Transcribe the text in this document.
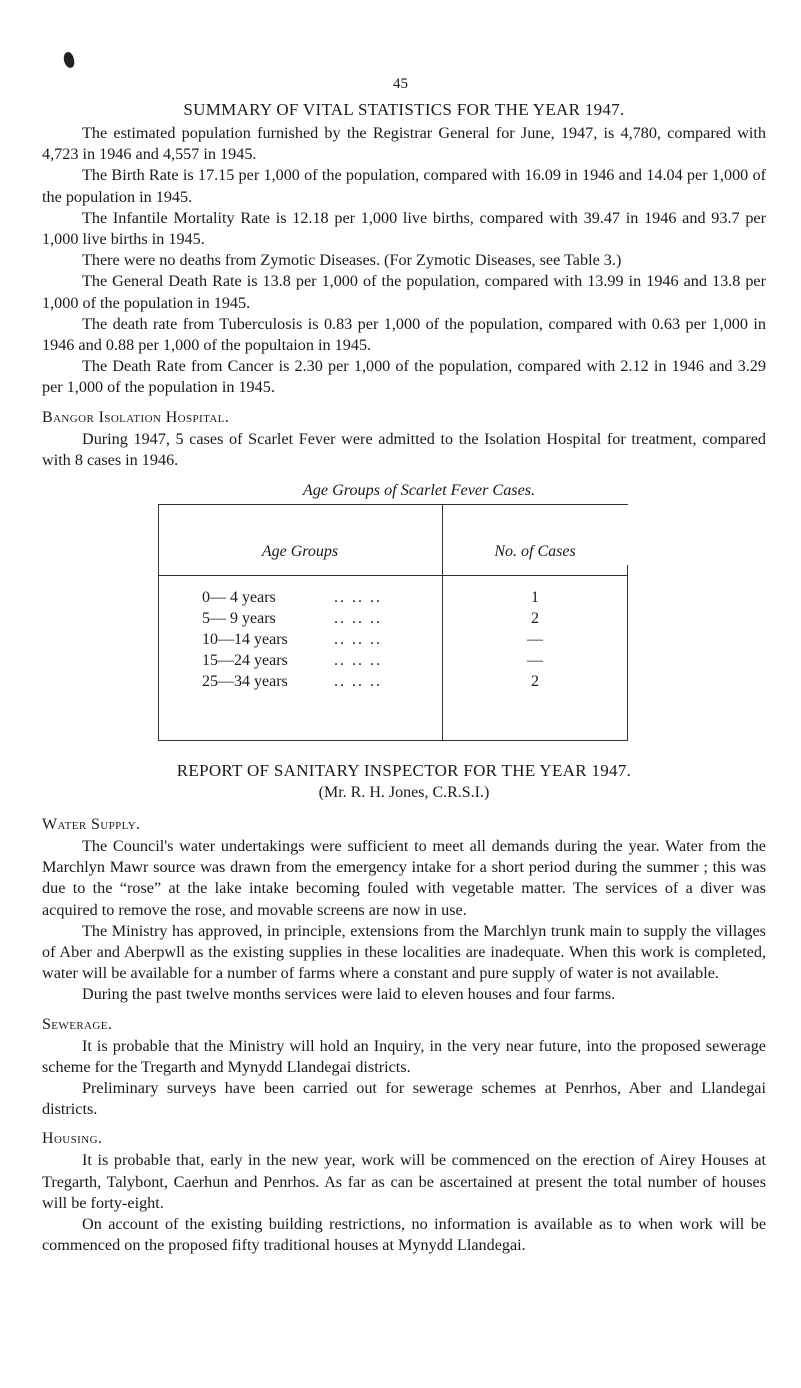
45
SUMMARY OF VITAL STATISTICS FOR THE YEAR 1947.

The estimated population furnished by the Registrar General for June, 1947, is 4,780, compared with 4,723 in 1946 and 4,557 in 1945.

The Birth Rate is 17.15 per 1,000 of the population, compared with 16.09 in 1946 and 14.04 per 1,000 of the population in 1945.

The Infantile Mortality Rate is 12.18 per 1,000 live births, compared with 39.47 in 1946 and 93.7 per 1,000 live births in 1945.

There were no deaths from Zymotic Diseases. (For Zymotic Diseases, see Table 3.)

The General Death Rate is 13.8 per 1,000 of the population, compared with 13.99 in 1946 and 13.8 per 1,000 of the population in 1945.

The death rate from Tuberculosis is 0.83 per 1,000 of the population, compared with 0.63 per 1,000 in 1946 and 0.88 per 1,000 of the popultaion in 1945.

The Death Rate from Cancer is 2.30 per 1,000 of the population, compared with 2.12 in 1946 and 3.29 per 1,000 of the population in 1945.

Bangor Isolation Hospital.

During 1947, 5 cases of Scarlet Fever were admitted to the Isolation Hospital for treatment, compared with 8 cases in 1946.

Age Groups of Scarlet Fever Cases.
Age Groups	No. of Cases
0— 4 years	.. .. ..	1
5— 9 years	.. .. ..	2
10—14 years	.. .. ..	—
15—24 years	.. .. ..	—
25—34 years	.. .. ..	2
REPORT OF SANITARY INSPECTOR FOR THE YEAR 1947.
(Mr. R. H. Jones, C.R.S.I.)
Water Supply.

The Council's water undertakings were sufficient to meet all demands during the year. Water from the Marchlyn Mawr source was drawn from the emergency intake for a short period during the summer ; this was due to the “rose” at the lake intake becoming fouled with vegetable matter. The services of a diver was acquired to remove the rose, and movable screens are now in use.

The Ministry has approved, in principle, extensions from the Marchlyn trunk main to supply the villages of Aber and Aberpwll as the existing supplies in these localities are inadequate. When this work is completed, water will be available for a number of farms where a constant and pure supply of water is not available.

During the past twelve months services were laid to eleven houses and four farms.

Sewerage.

It is probable that the Ministry will hold an Inquiry, in the very near future, into the proposed sewerage scheme for the Tregarth and Mynydd Llandegai districts.

Preliminary surveys have been carried out for sewerage schemes at Penrhos, Aber and Llandegai districts.

Housing.

It is probable that, early in the new year, work will be commenced on the erection of Airey Houses at Tregarth, Talybont, Caerhun and Penrhos. As far as can be ascertained at present the total number of houses will be forty-eight.

On account of the existing building restrictions, no information is available as to when work will be commenced on the proposed fifty traditional houses at Mynydd Llandegai.
